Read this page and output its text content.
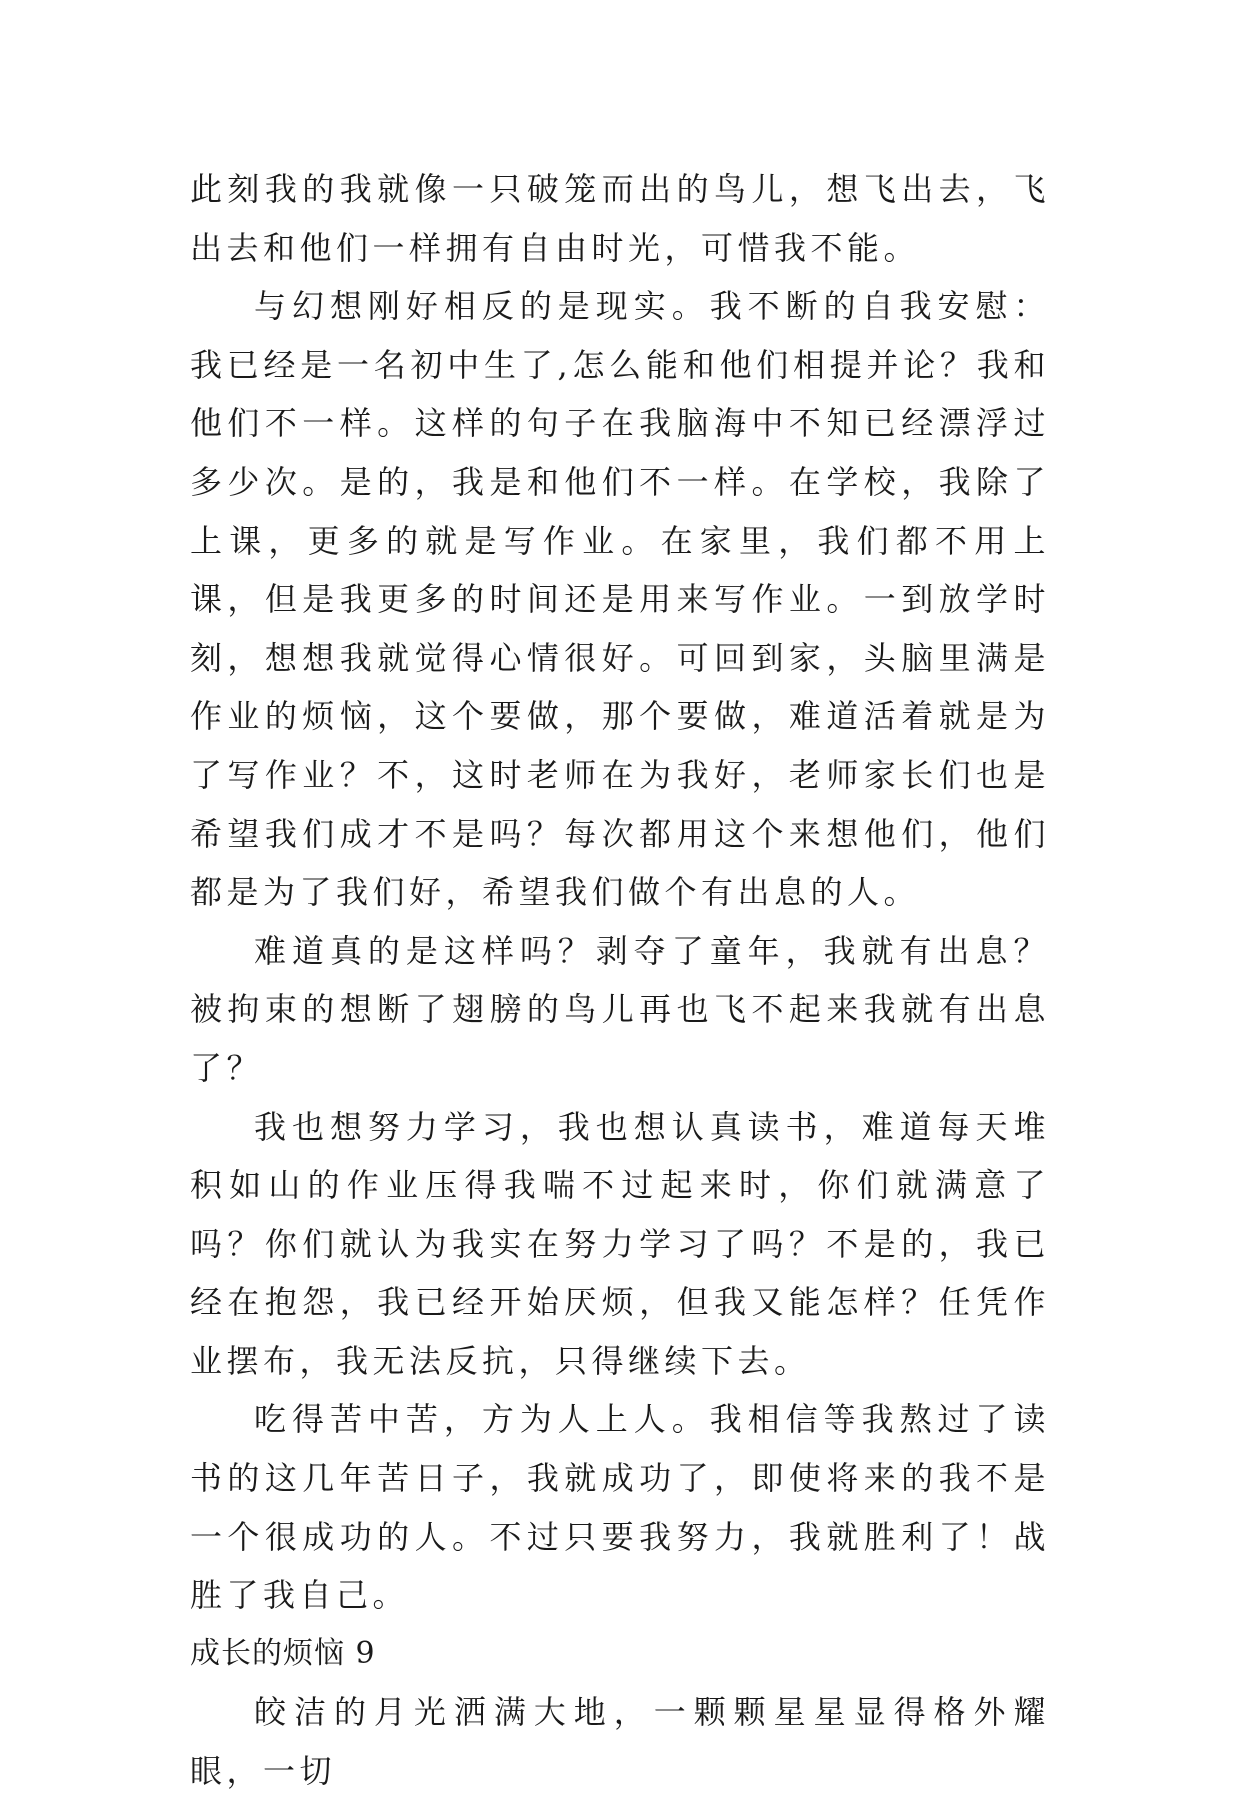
此刻我的我就像一只破笼而出的鸟儿，想飞出去，飞出去和他们一样拥有自由时光，可惜我不能。

与幻想刚好相反的是现实。我不断的自我安慰：我已经是一名初中生了,怎么能和他们相提并论？我和他们不一样。这样的句子在我脑海中不知已经漂浮过多少次。是的，我是和他们不一样。在学校，我除了上课，更多的就是写作业。在家里，我们都不用上课，但是我更多的时间还是用来写作业。一到放学时刻，想想我就觉得心情很好。可回到家，头脑里满是作业的烦恼，这个要做，那个要做，难道活着就是为了写作业？不，这时老师在为我好，老师家长们也是希望我们成才不是吗？每次都用这个来想他们，他们都是为了我们好，希望我们做个有出息的人。

难道真的是这样吗？剥夺了童年，我就有出息？被拘束的想断了翅膀的鸟儿再也飞不起来我就有出息了？

我也想努力学习，我也想认真读书，难道每天堆积如山的作业压得我喘不过起来时，你们就满意了吗？你们就认为我实在努力学习了吗？不是的，我已经在抱怨，我已经开始厌烦，但我又能怎样？任凭作业摆布，我无法反抗，只得继续下去。

吃得苦中苦，方为人上人。我相信等我熬过了读书的这几年苦日子，我就成功了，即使将来的我不是一个很成功的人。不过只要我努力，我就胜利了！战胜了我自己。

成长的烦恼 9

皎洁的月光洒满大地，一颗颗星星显得格外耀眼，一切
